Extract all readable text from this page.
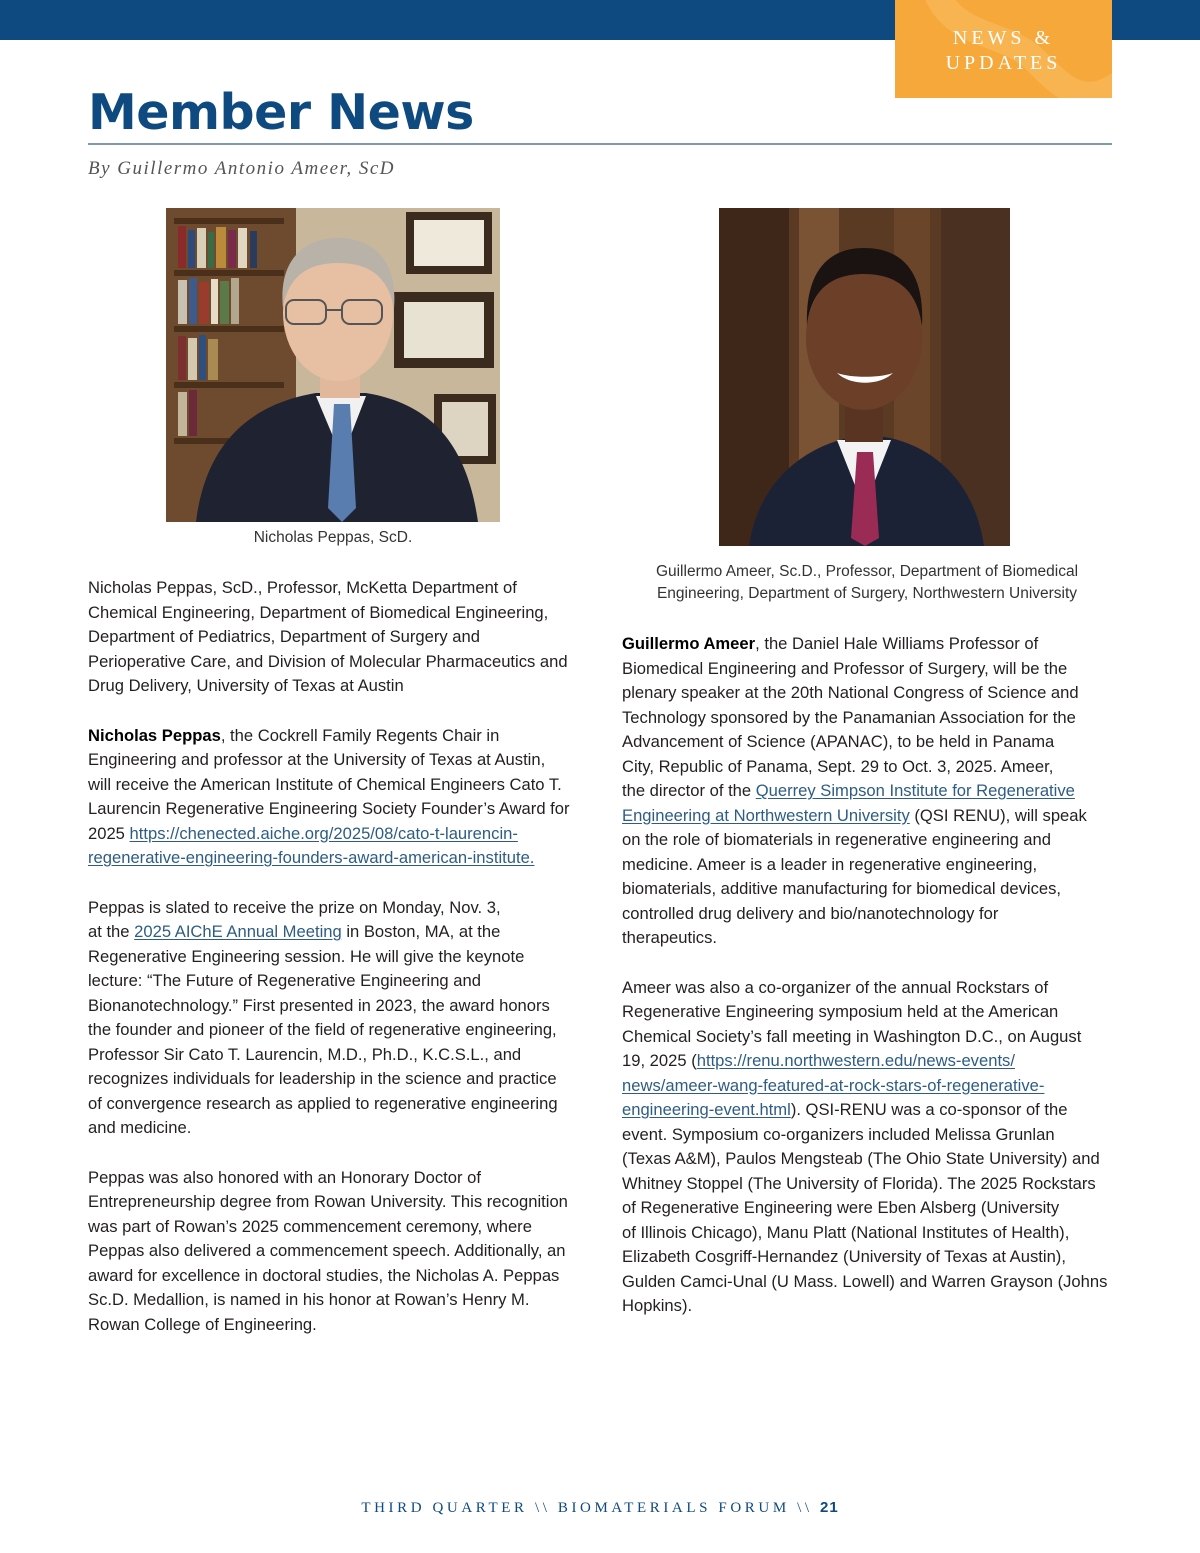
NEWS &
UPDATES
Member News
By Guillermo Antonio Ameer, ScD
Nicholas Peppas, ScD.
Guillermo Ameer, Sc.D., Professor, Department of Biomedical
Engineering, Department of Surgery, Northwestern University

Nicholas Peppas, ScD., Professor, McKetta Department of
Chemical Engineering, Department of Biomedical Engineering,
Department of Pediatrics, Department of Surgery and
Perioperative Care, and Division of Molecular Pharmaceutics and
Drug Delivery, University of Texas at Austin

Nicholas Peppas, the Cockrell Family Regents Chair in
Engineering and professor at the University of Texas at Austin,
will receive the American Institute of Chemical Engineers Cato T.
Laurencin Regenerative Engineering Society Founder’s Award for
2025 https://chenected.aiche.org/2025/08/cato-t-laurencin-
regenerative-engineering-founders-award-american-institute.

Peppas is slated to receive the prize on Monday, Nov. 3,
at the 2025 AIChE Annual Meeting in Boston, MA, at the
Regenerative Engineering session. He will give the keynote
lecture: “The Future of Regenerative Engineering and
Bionanotechnology.” First presented in 2023, the award honors
the founder and pioneer of the field of regenerative engineering,
Professor Sir Cato T. Laurencin, M.D., Ph.D., K.C.S.L., and
recognizes individuals for leadership in the science and practice
of convergence research as applied to regenerative engineering
and medicine.

Peppas was also honored with an Honorary Doctor of
Entrepreneurship degree from Rowan University. This recognition
was part of Rowan’s 2025 commencement ceremony, where
Peppas also delivered a commencement speech. Additionally, an
award for excellence in doctoral studies, the Nicholas A. Peppas
Sc.D. Medallion, is named in his honor at Rowan’s Henry M.
Rowan College of Engineering.

Guillermo Ameer, the Daniel Hale Williams Professor of
Biomedical Engineering and Professor of Surgery, will be the
plenary speaker at the 20th National Congress of Science and
Technology sponsored by the Panamanian Association for the
Advancement of Science (APANAC), to be held in Panama
City, Republic of Panama, Sept. 29 to Oct. 3, 2025. Ameer,
the director of the Querrey Simpson Institute for Regenerative
Engineering at Northwestern University (QSI RENU), will speak
on the role of biomaterials in regenerative engineering and
medicine. Ameer is a leader in regenerative engineering,
biomaterials, additive manufacturing for biomedical devices,
controlled drug delivery and bio/nanotechnology for
therapeutics.

Ameer was also a co-organizer of the annual Rockstars of
Regenerative Engineering symposium held at the American
Chemical Society’s fall meeting in Washington D.C., on August
19, 2025 (https://renu.northwestern.edu/news-events/
news/ameer-wang-featured-at-rock-stars-of-regenerative-
engineering-event.html). QSI-RENU was a co-sponsor of the
event. Symposium co-organizers included Melissa Grunlan
(Texas A&M), Paulos Mengsteab (The Ohio State University) and
Whitney Stoppel (The University of Florida). The 2025 Rockstars
of Regenerative Engineering were Eben Alsberg (University
of Illinois Chicago), Manu Platt (National Institutes of Health),
Elizabeth Cosgriff-Hernandez (University of Texas at Austin),
Gulden Camci-Unal (U Mass. Lowell) and Warren Grayson (Johns
Hopkins).

THIRD QUARTER \\ BIOMATERIALS FORUM \\ 21
